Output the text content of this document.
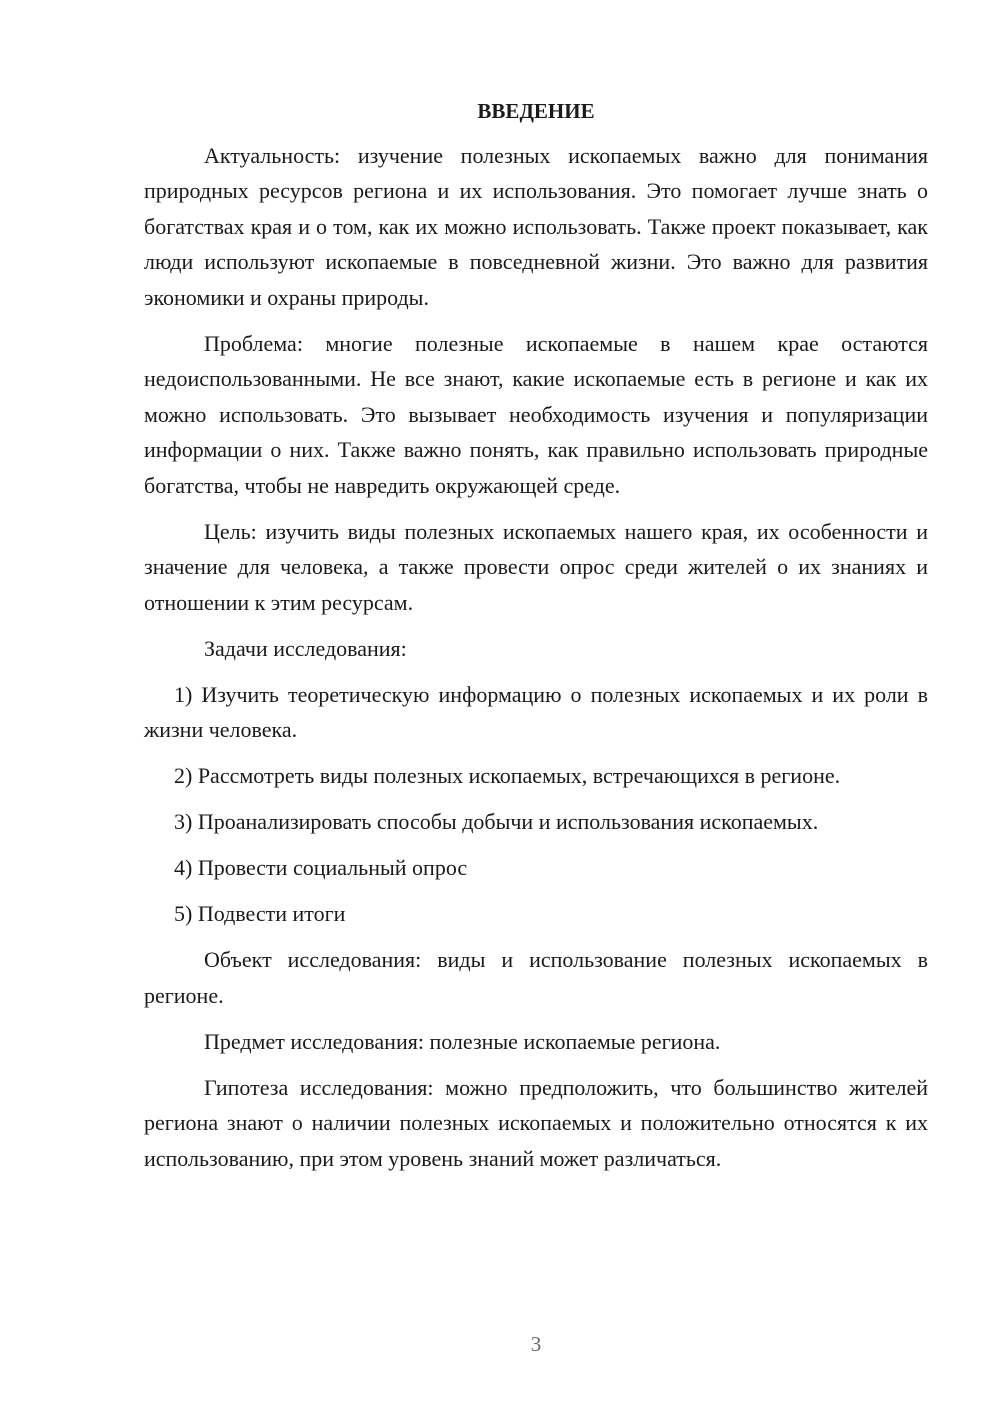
ВВЕДЕНИЕ

Актуальность: изучение полезных ископаемых важно для понимания природных ресурсов региона и их использования. Это помогает лучше знать о богатствах края и о том, как их можно использовать. Также проект показывает, как люди используют ископаемые в повседневной жизни. Это важно для развития экономики и охраны природы.

Проблема: многие полезные ископаемые в нашем крае остаются недоиспользованными. Не все знают, какие ископаемые есть в регионе и как их можно использовать. Это вызывает необходимость изучения и популяризации информации о них. Также важно понять, как правильно использовать природные богатства, чтобы не навредить окружающей среде.

Цель: изучить виды полезных ископаемых нашего края, их особенности и значение для человека, а также провести опрос среди жителей о их знаниях и отношении к этим ресурсам.

Задачи исследования:

1) Изучить теоретическую информацию о полезных ископаемых и их роли в жизни человека.

2) Рассмотреть виды полезных ископаемых, встречающихся в регионе.

3) Проанализировать способы добычи и использования ископаемых.

4) Провести социальный опрос

5) Подвести итоги

Объект исследования: виды и использование полезных ископаемых в регионе.

Предмет исследования: полезные ископаемые региона.

Гипотеза исследования: можно предположить, что большинство жителей региона знают о наличии полезных ископаемых и положительно относятся к их использованию, при этом уровень знаний может различаться.

3
